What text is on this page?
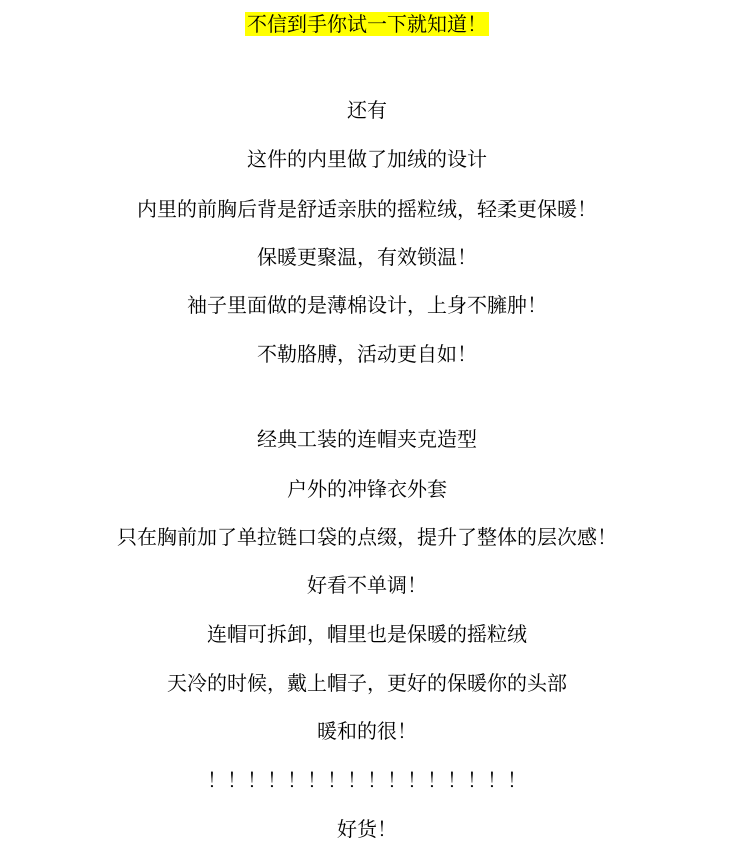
不信到手你试一下就知道！
还有
这件的内里做了加绒的设计
内里的前胸后背是舒适亲肤的摇粒绒，轻柔更保暖！
保暖更聚温，有效锁温！
袖子里面做的是薄棉设计，上身不臃肿！
不勒胳膊，活动更自如！
经典工装的连帽夹克造型
户外的冲锋衣外套
只在胸前加了单拉链口袋的点缀，提升了整体的层次感！
好看不单调！
连帽可拆卸，帽里也是保暖的摇粒绒
天冷的时候，戴上帽子，更好的保暖你的头部
暖和的很！
！！！！！！！！！！！！！！！！
好货！
